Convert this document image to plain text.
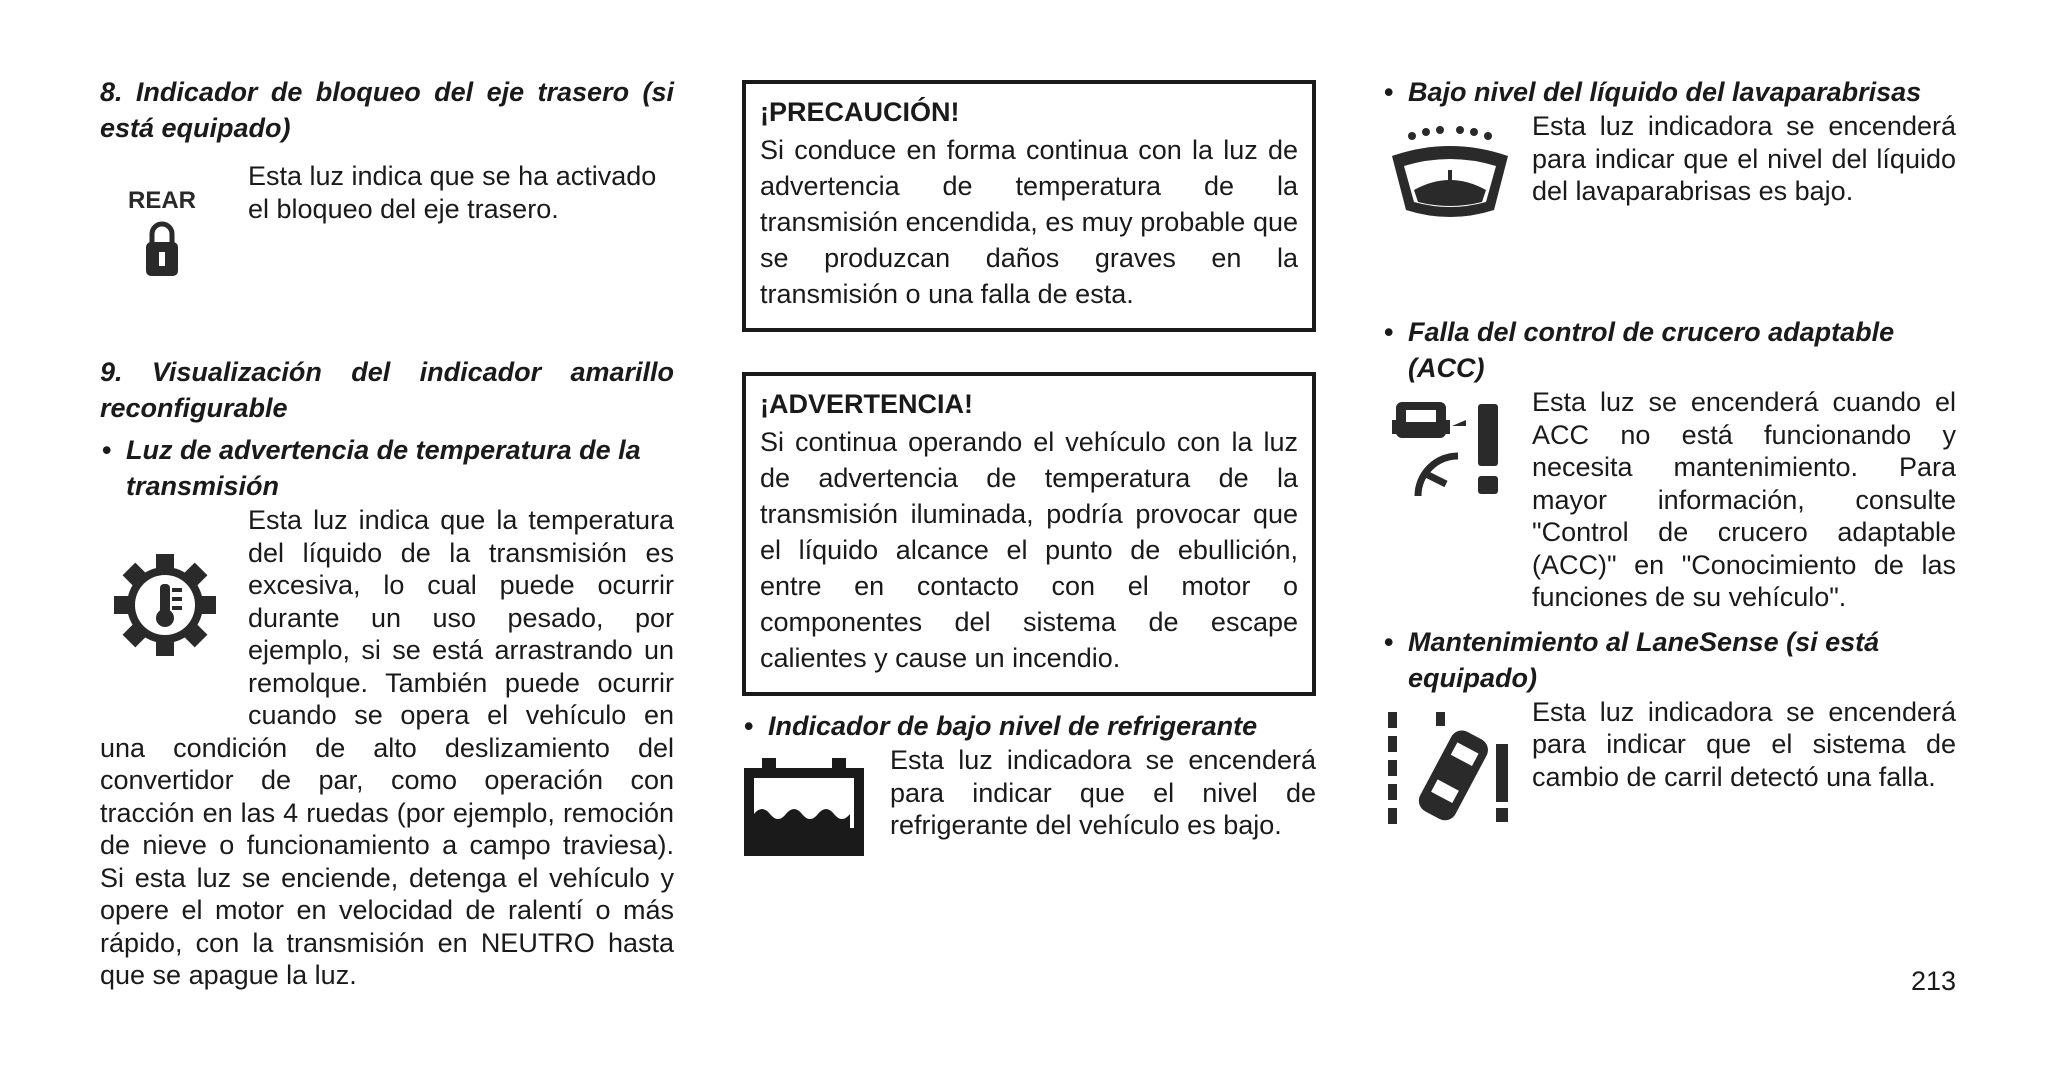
8. Indicador de bloqueo del eje trasero (si está equipado)
REAR
Esta luz indica que se ha activado el bloqueo del eje trasero.
9. Visualización del indicador amarillo reconfigurable
• Luz de advertencia de temperatura de la transmisión
Esta luz indica que la temperatura del líquido de la transmisión es excesiva, lo cual puede ocurrir durante un uso pesado, por ejemplo, si se está arrastrando un remolque. También puede ocurrir cuando se opera el vehículo en una condición de alto deslizamiento del convertidor de par, como operación con tracción en las 4 ruedas (por ejemplo, remoción de nieve o funcionamiento a campo traviesa). Si esta luz se enciende, detenga el vehículo y opere el motor en velocidad de ralentí o más rápido, con la transmisión en NEUTRO hasta que se apague la luz.

¡PRECAUCIÓN!

Si conduce en forma continua con la luz de advertencia de temperatura de la transmisión encendida, es muy probable que se produzcan daños graves en la transmisión o una falla de esta.

¡ADVERTENCIA!

Si continua operando el vehículo con la luz de advertencia de temperatura de la transmisión iluminada, podría provocar que el líquido alcance el punto de ebullición, entre en contacto con el motor o componentes del sistema de escape calientes y cause un incendio.
• Indicador de bajo nivel de refrigerante
Esta luz indicadora se encenderá para indicar que el nivel de refrigerante del vehículo es bajo.
• Bajo nivel del líquido del lavaparabrisas
Esta luz indicadora se encenderá para indicar que el nivel del líquido del lavaparabrisas es bajo.
• Falla del control de crucero adaptable (ACC)
Esta luz se encenderá cuando el ACC no está funcionando y necesita mantenimiento. Para mayor información, consulte "Control de crucero adaptable (ACC)" en "Conocimiento de las funciones de su vehículo".
• Mantenimiento al LaneSense (si está equipado)
Esta luz indicadora se encenderá para indicar que el sistema de cambio de carril detectó una falla.
213
